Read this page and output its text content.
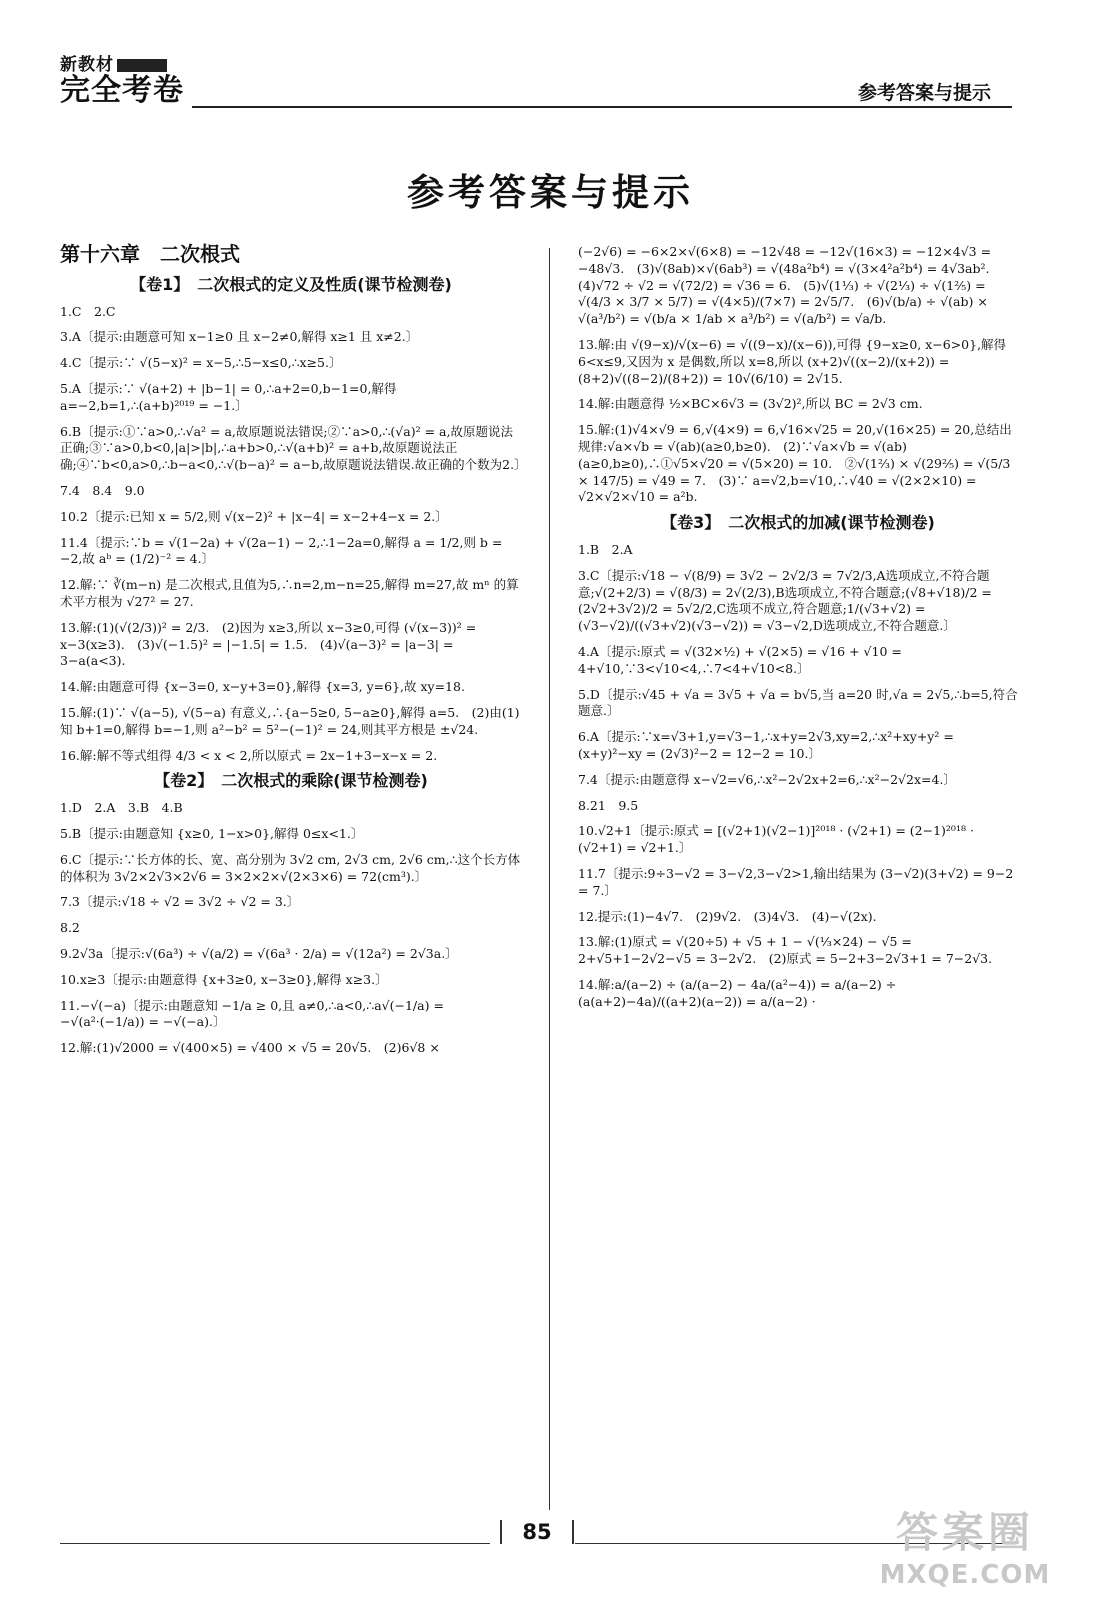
新教材
完全考卷	参考答案与提示
参考答案与提示
第十六章　二次根式
【卷1】　二次根式的定义及性质(课节检测卷)
1.C　2.C
3.A〔提示:由题意可知 x−1≥0 且 x−2≠0,解得 x≥1 且 x≠2.〕
4.C〔提示:∵ √(5−x)² = x−5,∴5−x≤0,∴x≥5.〕
5.A〔提示:∵ √(a+2) + |b−1| = 0,∴a+2=0,b−1=0,解得 a=−2,b=1,∴(a+b)²⁰¹⁹ = −1.〕
6.B〔提示:①∵a>0,∴√a² = a,故原题说法错误;②∵a>0,∴(√a)² = a,故原题说法正确;③∵a>0,b<0,|a|>|b|,∴a+b>0,∴√(a+b)² = a+b,故原题说法正确;④∵b<0,a>0,∴b−a<0,∴√(b−a)² = a−b,故原题说法错误.故正确的个数为2.〕
7.4　8.4　9.0
10.2〔提示:已知 x = 5/2,则 √(x−2)² + |x−4| = x−2+4−x = 2.〕
11.4〔提示:∵b = √(1−2a) + √(2a−1) − 2,∴1−2a=0,解得 a = 1/2,则 b = −2,故 aᵇ = (1/2)⁻² = 4.〕
12.解:∵ ∛(m−n) 是二次根式,且值为5,∴n=2,m−n=25,解得 m=27,故 mⁿ 的算术平方根为 √27² = 27.
13.解:(1)(√(2/3))² = 2/3.　(2)因为 x≥3,所以 x−3≥0,可得 (√(x−3))² = x−3(x≥3).　(3)√(−1.5)² = |−1.5| = 1.5.　(4)√(a−3)² = |a−3| = 3−a(a<3).
14.解:由题意可得 {x−3=0, x−y+3=0},解得 {x=3, y=6},故 xy=18.
15.解:(1)∵ √(a−5), √(5−a) 有意义,∴{a−5≥0, 5−a≥0},解得 a=5.　(2)由(1)知 b+1=0,解得 b=−1,则 a²−b² = 5²−(−1)² = 24,则其平方根是 ±√24.
16.解:解不等式组得 4/3 < x < 2,所以原式 = 2x−1+3−x−x = 2.
【卷2】　二次根式的乘除(课节检测卷)
1.D　2.A　3.B　4.B
5.B〔提示:由题意知 {x≥0, 1−x>0},解得 0≤x<1.〕
6.C〔提示:∵长方体的长、宽、高分别为 3√2 cm, 2√3 cm, 2√6 cm,∴这个长方体的体积为 3√2×2√3×2√6 = 3×2×2×√(2×3×6) = 72(cm³).〕
7.3〔提示:√18 ÷ √2 = 3√2 ÷ √2 = 3.〕
8.2
9.2√3a〔提示:√(6a³) ÷ √(a/2) = √(6a³ · 2/a) = √(12a²) = 2√3a.〕
10.x≥3〔提示:由题意得 {x+3≥0, x−3≥0},解得 x≥3.〕
11.−√(−a)〔提示:由题意知 −1/a ≥ 0,且 a≠0,∴a<0,∴a√(−1/a) = −√(a²·(−1/a)) = −√(−a).〕
12.解:(1)√2000 = √(400×5) = √400 × √5 = 20√5.　(2)6√8 ×
(−2√6) = −6×2×√(6×8) = −12√48 = −12√(16×3) = −12×4√3 = −48√3.　(3)√(8ab)×√(6ab³) = √(48a²b⁴) = √(3×4²a²b⁴) = 4√3ab².　(4)√72 ÷ √2 = √(72/2) = √36 = 6.　(5)√(1⅓) ÷ √(2⅓) ÷ √(1⅖) = √(4/3 × 3/7 × 5/7) = √(4×5)/(7×7) = 2√5/7.　(6)√(b/a) ÷ √(ab) × √(a³/b²) = √(b/a × 1/ab × a³/b²) = √(a/b²) = √a/b.
13.解:由 √(9−x)/√(x−6) = √((9−x)/(x−6)),可得 {9−x≥0, x−6>0},解得 6<x≤9,又因为 x 是偶数,所以 x=8,所以 (x+2)√((x−2)/(x+2)) = (8+2)√((8−2)/(8+2)) = 10√(6/10) = 2√15.
14.解:由题意得 ½×BC×6√3 = (3√2)²,所以 BC = 2√3 cm.
15.解:(1)√4×√9 = 6,√(4×9) = 6,√16×√25 = 20,√(16×25) = 20,总结出规律:√a×√b = √(ab)(a≥0,b≥0).　(2)∵√a×√b = √(ab)(a≥0,b≥0),∴①√5×√20 = √(5×20) = 10.　②√(1⅔) × √(29⅖) = √(5/3 × 147/5) = √49 = 7.　(3)∵ a=√2,b=√10,∴√40 = √(2×2×10) = √2×√2×√10 = a²b.
【卷3】　二次根式的加减(课节检测卷)
1.B　2.A
3.C〔提示:√18 − √(8/9) = 3√2 − 2√2/3 = 7√2/3,A选项成立,不符合题意;√(2+2/3) = √(8/3) = 2√(2/3),B选项成立,不符合题意;(√8+√18)/2 = (2√2+3√2)/2 = 5√2/2,C选项不成立,符合题意;1/(√3+√2) = (√3−√2)/((√3+√2)(√3−√2)) = √3−√2,D选项成立,不符合题意.〕
4.A〔提示:原式 = √(32×½) + √(2×5) = √16 + √10 = 4+√10,∵3<√10<4,∴7<4+√10<8.〕
5.D〔提示:√45 + √a = 3√5 + √a = b√5,当 a=20 时,√a = 2√5,∴b=5,符合题意.〕
6.A〔提示:∵x=√3+1,y=√3−1,∴x+y=2√3,xy=2,∴x²+xy+y² = (x+y)²−xy = (2√3)²−2 = 12−2 = 10.〕
7.4〔提示:由题意得 x−√2=√6,∴x²−2√2x+2=6,∴x²−2√2x=4.〕
8.21　9.5
10.√2+1〔提示:原式 = [(√2+1)(√2−1)]²⁰¹⁸ · (√2+1) = (2−1)²⁰¹⁸ · (√2+1) = √2+1.〕
11.7〔提示:9÷3−√2 = 3−√2,3−√2>1,输出结果为 (3−√2)(3+√2) = 9−2 = 7.〕
12.提示:(1)−4√7.　(2)9√2.　(3)4√3.　(4)−√(2x).
13.解:(1)原式 = √(20÷5) + √5 + 1 − √(⅓×24) − √5 = 2+√5+1−2√2−√5 = 3−2√2.　(2)原式 = 5−2+3−2√3+1 = 7−2√3.
14.解:a/(a−2) ÷ (a/(a−2) − 4a/(a²−4)) = a/(a−2) ÷ (a(a+2)−4a)/((a+2)(a−2)) = a/(a−2) ·
85	答案圈
MXQE.COM
